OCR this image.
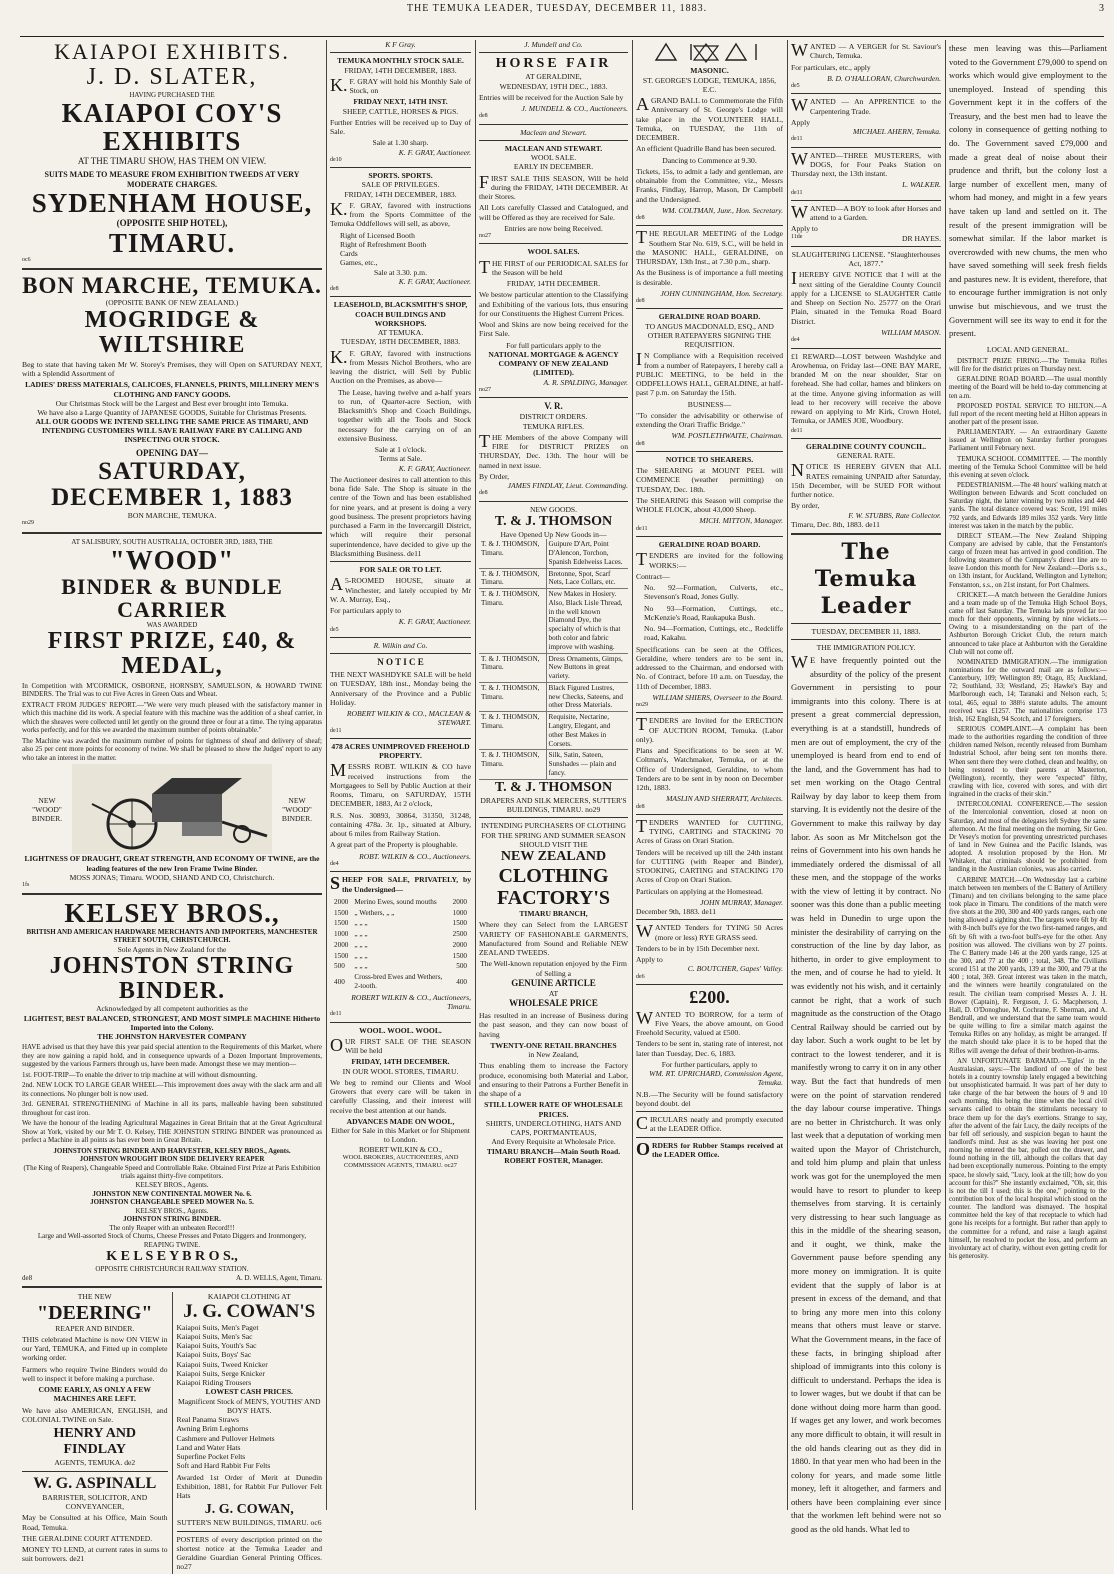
THE TEMUKA LEADER, TUESDAY, DECEMBER 11, 1883.	3
KAIAPOI EXHIBITS.
J. D. SLATER,
HAVING PURCHASED THE
KAIAPOI COY'S EXHIBITS
AT THE TIMARU SHOW, HAS THEM ON VIEW.
SUITS MADE TO MEASURE FROM EXHIBITION TWEEDS AT VERY MODERATE CHARGES.
SYDENHAM HOUSE,
(OPPOSITE SHIP HOTEL),
TIMARU.
oc6
BON MARCHE, TEMUKA.
(OPPOSITE BANK OF NEW ZEALAND.)
MOGRIDGE & WILTSHIRE
Beg to state that having taken Mr W. Storey's Premises, they will Open on SATURDAY NEXT, with a Splendid Assortment of
LADIES' DRESS MATERIALS, CALICOES, FLANNELS, PRINTS, MILLINERY MEN'S CLOTHING AND FANCY GOODS.
Our Christmas Stock will be the Largest and Best ever brought into Temuka.
We have also a Large Quantity of JAPANESE GOODS, Suitable for Christmas Presents.
ALL OUR GOODS WE INTEND SELLING THE SAME PRICE AS TIMARU, AND INTENDING CUSTOMERS WILL SAVE RAILWAY FARE BY CALLING AND INSPECTING OUR STOCK.
OPENING DAY—
SATURDAY, DECEMBER 1, 1883
BON MARCHE, TEMUKA.
no29
AT SALISBURY, SOUTH AUSTRALIA, OCTOBER 3RD, 1883, THE
"WOOD"
BINDER & BUNDLE CARRIER
WAS AWARDED
FIRST PRIZE, £40, & MEDAL,
In Competition with M'CORMICK, OSBORNE, HORNSBY, SAMUELSON, & HOWARD TWINE BINDERS. The Trial was to cut Five Acres in Green Oats and Wheat.
EXTRACT FROM JUDGES' REPORT.—"We were very much pleased with the satisfactory manner in which this machine did its work. A special feature with this machine was the addition of a sheaf carrier, in which the sheaves were collected until let gently on the ground three or four at a time. The tying apparatus works perfectly, and for this we awarded the maximum number of points obtainable."
The Machine was awarded the maximum number of points for tightness of sheaf and delivery of sheaf; also 25 per cent more points for economy of twine. We shall be pleased to show the Judges' report to any who take an interest in the matter.
NEW
"WOOD"
BINDER.
NEW
"WOOD"
BINDER.
LIGHTNESS OF DRAUGHT, GREAT STRENGTH, AND ECONOMY OF TWINE, are the leading features of the new Iron Frame Twine Binder.
MOSS JONAS; Timaru. WOOD, SHAND AND CO, Christchurch.
1fs
KELSEY BROS.,
BRITISH AND AMERICAN HARDWARE MERCHANTS AND IMPORTERS, MANCHESTER STREET SOUTH, CHRISTCHURCH.
Sole Agents in New Zealand for the
JOHNSTON STRING BINDER.
Acknowledged by all competent authorities as the
LIGHTEST, BEST BALANCED, STRONGEST, AND MOST SIMPLE MACHINE Hitherto Imported into the Colony.
THE JOHNSTON HARVESTER COMPANY
HAVE advised us that they have this year paid special attention to the Requirements of this Market, where they are now gaining a rapid hold, and in consequence upwards of a Dozen Important Improvements, suggested by the various Farmers through us, have been made. Amongst these we may mention—
1st. FOOT-TRIP—To enable the driver to trip machine at will without dismounting.
2nd. NEW LOCK TO LARGE GEAR WHEEL—This improvement does away with the slack arm and all its connections. No plunger bolt is now used.
3rd. GENERAL STRENGTHENING of Machine in all its parts, malleable having been substituted throughout for cast iron.
We have the honour of the leading Agricultural Magazines in Great Britain that at the Great Agricultural Show at York, visited by our Mr T. O. Kelsey, THE JOHNSTON STRING BINDER was pronounced as perfect a Machine in all points as has ever been in Great Britain.
JOHNSTON STRING BINDER AND HARVESTER, KELSEY BROS., Agents.
JOHNSTON WROUGHT IRON SIDE DELIVERY REAPER
(The King of Reapers), Changeable Speed and Controllable Rake. Obtained First Prize at Paris Exhibition trials against thirty-five competitors.
KELSEY BROS., Agents.
JOHNSTON NEW CONTINENTAL MOWER No. 6.
JOHNSTON CHANGEABLE SPEED MOWER No. 5.
KELSEY BROS., Agents.
JOHNSTON STRING BINDER.
The only Reaper with an unbeaten Record!!!
Large and Well-assorted Stock of Churns, Cheese Presses and Potato Diggers and Ironmongery, REAPING TWINE.
K E L S E Y B R O S.,
OPPOSITE CHRISTCHURCH RAILWAY STATION.
de8	A. D. WELLS, Agent, Timaru.
THE NEW
"DEERING"
REAPER AND BINDER.
THIS celebrated Machine is now ON VIEW in our Yard, TEMUKA, and Fitted up in complete working order.
Farmers who require Twine Binders would do well to inspect it before making a purchase.
COME EARLY, AS ONLY A FEW MACHINES ARE LEFT.
We have also AMERICAN, ENGLISH, and COLONIAL TWINE on Sale.
HENRY AND FINDLAY
AGENTS, TEMUKA. de2
W. G. ASPINALL
BARRISTER, SOLICITOR, AND CONVEYANCER,
May be Consulted at his Office, Main South Road, Temuka.
THE GERALDINE COURT ATTENDED.
MONEY TO LEND, at current rates in sums to suit borrowers. de21
KAIAPOI CLOTHING AT
J. G. COWAN'S
Kaiapoi Suits, Men's Paget
Kaiapoi Suits, Men's Sac
Kaiapoi Suits, Youth's Sac
Kaiapoi Suits, Boys' Sac
Kaiapoi Suits, Tweed Knicker
Kaiapoi Suits, Serge Knicker
Kaiapoi Riding Trousers
LOWEST CASH PRICES.
Magnificent Stock of MEN'S, YOUTHS' AND BOYS' HATS.
Real Panama Straws
Awning Brim Leghorns
Cashmere and Pullover Helmets
Land and Water Hats
Superfine Pocket Felts
Soft and Hard Rabbit Fur Felts
Awarded 1st Order of Merit at Dunedin Exhibition, 1881, for Rabbit Fur Pullover Felt Hats
J. G. COWAN,
SUTTER'S NEW BUILDINGS, TIMARU. oc6
POSTERS of every description printed on the shortest notice at the Temuka Leader and Geraldine Guardian General Printing Offices. no27
K F Gray.
TEMUKA MONTHLY STOCK SALE.
FRIDAY, 14TH DECEMBER, 1883.
K.F. GRAY will hold his Monthly Sale of Stock, on
FRIDAY NEXT, 14TH INST.
SHEEP, CATTLE, HORSES & PIGS.
Further Entries will be received up to Day of Sale.
Sale at 1.30 sharp.
K. F. GRAY, Auctioneer.
de10
SPORTS. SPORTS.
SALE OF PRIVILEGES.
FRIDAY, 14TH DECEMBER, 1883.
K.F. GRAY, favored with instructions from the Sports Committee of the Temuka Oddfellows will sell, as above,
Right of Licensed Booth
Right of Refreshment Booth
Cards
Games, etc.,
Sale at 3.30. p.m.
K. F. GRAY, Auctioneer.
de8
LEASEHOLD, BLACKSMITH'S SHOP, COACH BUILDINGS AND WORKSHOPS.
AT TEMUKA.
TUESDAY, 18TH DECEMBER, 1883.
K.F. GRAY, favored with instructions from Messrs Nichol Brothers, who are leaving the district, will Sell by Public Auction on the Premises, as above—
The Lease, having twelve and a-half years to run, of Quarter-acre Section, with Blacksmith's Shop and Coach Buildings, together with all the Tools and Stock necessary for the carrying on of an extensive Business.
Sale at 1 o'clock.
Terms at Sale.
K. F. GRAY, Auctioneer.
The Auctioneer desires to call attention to this bona fide Sale. The Shop is situate in the centre of the Town and has been established for nine years, and at present is doing a very good business. The present proprietors having purchased a Farm in the Invercargill District, which will require their personal superintendence, have decided to give up the Blacksmithing Business. de11
FOR SALE OR TO LET.
A5-ROOMED HOUSE, situate at Winchester, and lately occupied by Mr W. A. Murray, Esq.,
For particulars apply to
K. F. GRAY, Auctioneer.
de5
R. Wilkin and Co.
N O T I C E
THE NEXT WASHDYKE SALE will be held on TUESDAY, 18th inst., Monday being the Anniversary of the Province and a Public Holiday.
ROBERT WILKIN & CO., MACLEAN & STEWART.
de11
478 ACRES UNIMPROVED FREEHOLD PROPERTY.
MESSRS ROBT. WILKIN & CO have received instructions from the Mortgagees to Sell by Public Auction at their Rooms, Timaru, on SATURDAY, 15TH DECEMBER, 1883, At 2 o'clock,
R.S. Nos. 30893, 30864, 31350, 31248, containing 478a. 3r. 1p., situated at Albury, about 6 miles from Railway Station.
A great part of the Property is ploughable.
ROBT. WILKIN & CO., Auctioneers.
de4
SHEEP FOR SALE, PRIVATELY, by the Undersigned—
2000	Merino Ewes, sound mouths	2000
1500	„ Wethers, „ „	1000
1500	„ „ „	1500
1000	„ „ „	2500
2000	„ „ „	2000
1500	„ „ „	1500
500	„ „ „	500
400	Cross-bred Ewes and Wethers, 2-tooth.	400
ROBERT WILKIN & CO., Auctioneers, Timaru.
de11
WOOL. WOOL. WOOL.
OUR FIRST SALE OF THE SEASON Will be held
FRIDAY, 14TH DECEMBER.
IN OUR WOOL STORES, TIMARU.
We beg to remind our Clients and Wool Growers that every care will be taken in carefully Classing, and their interest will receive the best attention at our hands.
ADVANCES MADE ON WOOL,
Either for Sale in this Market or for Shipment to London.
ROBERT WILKIN & CO.,
WOOL BROKERS, AUCTIONEERS, AND COMMISSION AGENTS, TIMARU. oc27
J. Mundell and Co.
HORSE FAIR
AT GERALDINE,
WEDNESDAY, 19TH DEC., 1883.
Entries will be received for the Auction Sale by
J. MUNDELL & CO., Auctioneers.
de8
Maclean and Stewart.
MACLEAN AND STEWART.
WOOL SALE.
EARLY IN DECEMBER.
FIRST SALE THIS SEASON, Will be held during the FRIDAY, 14TH DECEMBER. At their Stores.
All Lots carefully Classed and Catalogued, and will be Offered as they are received for Sale.
Entries are now being Received.
no27
WOOL SALES.
THE FIRST of our PERIODICAL SALES for the Season will be held
FRIDAY, 14TH DECEMBER.
We bestow particular attention to the Classifying and Exhibiting of the various lots, thus ensuring for our Constituents the Highest Current Prices.
Wool and Skins are now being received for the First Sale.
For full particulars apply to the
NATIONAL MORTGAGE & AGENCY COMPANY OF NEW ZEALAND (LIMITED).
A. R. SPALDING, Manager.
no27
V. R.
DISTRICT ORDERS.
TEMUKA RIFLES.
THE Members of the above Company will FIRE for DISTRICT PRIZES on THURSDAY, Dec. 13th. The hour will be named in next issue.
By Order,
JAMES FINDLAY, Lieut. Commanding.
de8
NEW GOODS.
T. & J. THOMSON
Have Opened Up New Goods in—
T. & J. THOMSON, Timaru.	Guipure D'Art, Point D'Alencon, Torchon, Spanish Edelweiss Laces.
T. & J. THOMSON, Timaru.	Bretonne, Spot, Scarf Nets, Lace Collars, etc.
T. & J. THOMSON, Timaru.	New Makes in Hosiery. Also, Black Lisle Thread, in the well known Diamond Dye, the specialty of which is that both color and fabric improve with washing.
T. & J. THOMSON, Timaru.	Dress Ornaments, Gimps, New Buttons in great variety.
T. & J. THOMSON, Timaru.	Black Figured Lustres, new Checks, Sateens, and other Dress Materials.
T. & J. THOMSON, Timaru.	Requisite, Nectarine, Langtry, Elegant, and other Best Makes in Corsets.
T. & J. THOMSON, Timaru.	Silk, Satin, Sateen, Sunshades — plain and fancy.
T. & J. THOMSON
DRAPERS AND SILK MERCERS, SUTTER'S BUILDINGS, TIMARU. no29
INTENDING PURCHASERS OF CLOTHING FOR THE SPRING AND SUMMER SEASON SHOULD VISIT THE
NEW ZEALAND
CLOTHING
FACTORY'S
TIMARU BRANCH,
Where they can Select from the LARGEST VARIETY OF FASHIONABLE GARMENTS, Manufactured from Sound and Reliable NEW ZEALAND TWEEDS.
The Well-known reputation enjoyed by the Firm of Selling a
GENUINE ARTICLE
AT
WHOLESALE PRICE
Has resulted in an increase of Business during the past season, and they can now boast of having
TWENTY-ONE RETAIL BRANCHES
in New Zealand,
Thus enabling them to increase the Factory produce, economising both Material and Labor, and ensuring to their Patrons a Further Benefit in the shape of a
STILL LOWER RATE OF WHOLESALE PRICES.
SHIRTS, UNDERCLOTHING, HATS AND CAPS, PORTMANTEAUS,
And Every Requisite at Wholesale Price.
TIMARU BRANCH—Main South Road.
ROBERT FOSTER, Manager.
MASONIC.
ST. GEORGE'S LODGE, TEMUKA, 1856, E.C.
AGRAND BALL to Commemorate the Fifth Anniversary of St. George's Lodge will take place in the VOLUNTEER HALL, Temuka, on TUESDAY, the 11th of DECEMBER.
An efficient Quadrille Band has been secured.
Dancing to Commence at 9.30.
Tickets, 15s, to admit a lady and gentleman, are obtainable from the Committee, viz., Messrs Franks, Findlay, Harrop, Mason, Dr Campbell and the Undersigned.
WM. COLTMAN, Junr., Hon. Secretary.
de8
THE REGULAR MEETING of the Lodge Southern Star No. 619, S.C., will be held in the MASONIC HALL, GERALDINE, on THURSDAY, 13th Inst., at 7.30 p.m., sharp.
As the Business is of importance a full meeting is desirable.
JOHN CUNNINGHAM, Hon. Secretary.
de8
GERALDINE ROAD BOARD.
TO ANGUS MACDONALD, ESQ., AND OTHER RATEPAYERS SIGNING THE REQUISITION.
IN Compliance with a Requisition received from a number of Ratepayers, I hereby call a PUBLIC MEETING, to be held in the ODDFELLOWS HALL, GERALDINE, at half-past 7 p.m. on Saturday the 15th.
BUSINESS—
"To consider the advisability or otherwise of extending the Orari Traffic Bridge."
WM. POSTLETHWAITE, Chairman.
de8
NOTICE TO SHEARERS.
The SHEARING at MOUNT PEEL will COMMENCE (weather permitting) on TUESDAY, Dec. 18th.
The SHEARING this Season will comprise the WHOLE FLOCK, about 43,000 Sheep.
MICH. MITTON, Manager.
de11
GERALDINE ROAD BOARD.
TENDERS are invited for the following WORKS:—
Contract—
No. 92—Formation, Culverts, etc., Stevenson's Road, Jones Gully.
No 93—Formation, Cuttings, etc., McKenzie's Road, Raukapuka Bush.
No. 94—Formation, Cuttings, etc., Redcliffe road, Kakahu.
Specifications can be seen at the Offices, Geraldine, where tenders are to be sent in, addressed to the Chairman, and endorsed with No. of Contract, before 10 a.m. on Tuesday, the 11th of December, 1883.
WILLIAM SHIERS, Overseer to the Board.
no29
TENDERS are Invited for the ERECTION OF AUCTION ROOM, Temuka. (Labor only).
Plans and Specifications to be seen at W. Coltman's, Watchmaker, Temuka, or at the Office of Undersigned, Geraldine, to whom Tenders are to be sent in by noon on December 12th, 1883.
MASLIN AND SHERRATT, Architects.
de8
TENDERS WANTED for CUTTING, TYING, CARTING and STACKING 70 Acres of Grass on Orari Station.
Tenders will be received up till the 24th instant for CUTTING (with Reaper and Binder), STOOKING, CARTING and STACKING 170 Acres of Crop on Orari Station.
Particulars on applying at the Homestead.
JOHN MURRAY, Manager.
December 9th, 1883. de11
WANTED Tenders for TYING 50 Acres (more or less) RYE GRASS seed.
Tenders to be in by 15th December next.
Apply to
C. BOUTCHER, Gapes' Valley.
de6
£200.
WANTED TO BORROW, for a term of Five Years, the above amount, on Good Freehold Security, valued at £500.
Tenders to be sent in, stating rate of interest, not later than Tuesday, Dec. 6, 1883.
For further particulars, apply to
WM. RT. UPRICHARD, Commission Agent, Temuka.
N.B.—The Security will be found satisfactory beyond doubt. del
CIRCULARS neatly and promptly executed at the LEADER Office.
ORDERS for Rubber Stamps received at the LEADER Office.
WANTED — A VERGER for St. Saviour's Church, Temuka.
For particulars, etc., apply
B. D. O'HALLORAN, Churchwarden.
de5
WANTED — An APPRENTICE to the Carpentering Trade.
Apply
MICHAEL AHERN, Temuka.
de11
WANTED—THREE MUSTERERS, with DOGS, for Four Peaks Station on Thursday next, the 13th instant.
L. WALKER.
de11
WANTED—A BOY to look after Horses and attend to a Garden.
Apply to
11de	DR HAYES.
SLAUGHTERING LICENSE. "Slaughterhouses Act, 1877."
IHEREBY GIVE NOTICE that I will at the next sitting of the Geraldine County Council apply for a LICENSE to SLAUGHTER Cattle and Sheep on Section No. 25777 on the Orari Plain, situated in the Temuka Road Board District.
WILLIAM MASON.
de4
£1 REWARD—LOST between Washdyke and Arowhenua, on Friday last—ONE BAY MARE, branded M on the near shoulder, Star on forehead. She had collar, hames and blinkers on at the time. Anyone giving information as will lead to her recovery will receive the above reward on applying to Mr Kirk, Crown Hotel, Temuka, or JAMES JOE, Woodbury.
de11
GERALDINE COUNTY COUNCIL.
GENERAL RATE.
NOTICE IS HEREBY GIVEN that ALL RATES remaining UNPAID after Saturday, 15th December, will be SUED FOR without further notice.
By order,
F. W. STUBBS, Rate Collector.
Timaru, Dec. 8th, 1883. de11
The Temuka Leader
TUESDAY, DECEMBER 11, 1883.
THE IMMIGRATION POLICY.
WE have frequently pointed out the absurdity of the policy of the present Government in persisting to pour immigrants into this colony. There is at present a great commercial depression, everything is at a standstill, hundreds of men are out of employment, the cry of the unemployed is heard from end to end of the land, and the Government has had to set men working on the Otago Central Railway by day labor to keep them from starving. It is evidently not the desire of the Government to make this railway by day labor. As soon as Mr Mitchelson got the reins of Government into his own hands he immediately ordered the dismissal of all these men, and the stoppage of the works with the view of letting it by contract. No sooner was this done than a public meeting was held in Dunedin to urge upon the minister the desirability of carrying on the construction of the line by day labor, as hitherto, in order to give employment to the men, and of course he had to yield. It was evidently not his wish, and it certainly cannot be right, that a work of such magnitude as the construction of the Otago Central Railway should be carried out by day labor. Such a work ought to be let by contract to the lowest tenderer, and it is manifestly wrong to carry it on in any other way. But the fact that hundreds of men were on the point of starvation rendered the day labour course imperative. Things are no better in Christchurch. It was only last week that a deputation of working men waited upon the Mayor of Christchurch, and told him plump and plain that unless work was got for the unemployed the men would have to resort to plunder to keep themselves from starving. It is certainly very distressing to hear such language as this in the middle of the shearing season, and it ought, we think, make the Government pause before spending any more money on immigration. It is quite evident that the supply of labor is at present in excess of the demand, and that to bring any more men into this colony means that others must leave or starve. What the Government means, in the face of these facts, in bringing shipload after shipload of immigrants into this colony is difficult to understand. Perhaps the idea is to lower wages, but we doubt if that can be done without doing more harm than good. If wages get any lower, and work becomes any more difficult to obtain, it will result in the old hands clearing out as they did in 1880. In that year men who had been in the colony for years, and made some little money, left it altogether, and farmers and others have been complaining ever since that the workmen left behind were not so good as the old hands. What led to
these men leaving was this—Parliament voted to the Government £79,000 to spend on works which would give employment to the unemployed. Instead of spending this Government kept it in the coffers of the Treasury, and the best men had to leave the colony in consequence of getting nothing to do. The Government saved £79,000 and made a great deal of noise about their prudence and thrift, but the colony lost a large number of excellent men, many of whom had money, and might in a few years have taken up land and settled on it. The result of the present immigration will be somewhat similar. If the labor market is overcrowded with new chums, the men who have saved something will seek fresh fields and pastures new. It is evident, therefore, that to encourage further immigration is not only unwise but mischievous, and we trust the Government will see its way to end it for the present.
LOCAL AND GENERAL.
DISTRICT PRIZE FIRING.—The Temuka Rifles will fire for the district prizes on Thursday next.
GERALDINE ROAD BOARD.—The usual monthly meeting of the Board will be held to-day commencing at ten a.m.
PROPOSED POSTAL SERVICE TO HILTON.—A full report of the recent meeting held at Hilton appears in another part of the present issue.
PARLIAMENTARY. — An extraordinary Gazette issued at Wellington on Saturday further prorogues Parliament until February next.
TEMUKA SCHOOL COMMITTEE. — The monthly meeting of the Temuka School Committee will be held this evening at seven o'clock.
PEDESTRIANISM.—The 48 hours' walking match at Wellington between Edwards and Scott concluded on Saturday night, the latter winning by two miles and 440 yards. The total distance covered was: Scott, 191 miles 792 yards, and Edwards 189 miles 352 yards. Very little interest was taken in the match by the public.
DIRECT STEAM.—The New Zealand Shipping Company are advised by cable, that the Fenstanton's cargo of frozen meat has arrived in good condition. The following steamers of the Company's direct line are to leave London this month for New Zealand:—Doris s.s., on 13th instant, for Auckland, Wellington and Lyttelton; Fenstanton, s.s., on 21st instant, for Port Chalmers.
CRICKET.—A match between the Geraldine Juniors and a team made up of the Temuka High School Boys, came off last Saturday. The Temuka lads proved far too much for their opponents, winning by nine wickets.—Owing to a misunderstanding on the part of the Ashburton Borough Cricket Club, the return match announced to take place at Ashburton with the Geraldine Club will not come off.
NOMINATED IMMIGRATION.—The immigration nominations for the outward mail are as follows:—Canterbury, 109; Wellington 89; Otago, 85; Auckland, 72; Southland, 33; Westland, 25; Hawke's Bay and Marlborough each, 14; Taranaki and Nelson each, 5; total, 465, equal to 388½ statute adults. The amount received was £1257. The nationalities comprise 173 Irish, 162 English, 94 Scotch, and 17 foreigners.
SERIOUS COMPLAINT.—A complaint has been made to the authorities regarding the condition of three children named Nelson, recently released from Burnham Industrial School, after being sent ten months there. When sent there they were clothed, clean and healthy, on being restored to their parents at Masterton, (Wellington), recently, they were "expected" filthy, crawling with lice, covered with sores, and with dirt ingrained in the cracks of their skin."
INTERCOLONIAL CONFERENCE.—The session of the Intercolonial convention, closed at noon on Saturday, and most of the delegates left Sydney the same afternoon. At the final meeting on the morning, Sir Geo. Dr Vesey's motion for preventing unrestricted purchases of land in New Guinea and the Pacific Islands, was adopted. A resolution proposed by the Hon. Mr Whitaker, that criminals should be prohibited from landing in the Australian colonies, was also carried.
CARBINE MATCH.—On Wednesday last a carbine match between ten members of the C Battery of Artillery (Timaru) and ten civilians belonging to the same place took place in Timaru. The conditions of the match were five shots at the 200, 300 and 400 yards ranges, each one being allowed a sighting shot. The targets were 6ft by 4ft with 8-inch bull's eye for the two first-named ranges, and 6ft by 6ft with a two-foot bull's-eye for the other. Any position was allowed. The civilians won by 27 points. The C Battery made 146 at the 200 yards range, 125 at the 300, and 77 at the 400 ; total, 348. The Civilians scored 151 at the 200 yards, 139 at the 300, and 79 at the 400 ; total, 369. Great interest was taken in the match, and the winners were heartily congratulated on the result. The civilian team comprised Messrs A. J. H. Bower (Captain), R. Ferguson, J. G. Macpherson, J. Hall, D. O'Donoghue, M. Cochrane, F. Sherman, and A. Bendrall, and we understand that the same team would be quite willing to fire a similar match against the Temuka Rifles on any holiday, as might be arranged. If the match should take place it is to be hoped that the Rifles will avenge the defeat of their brethren-in-arms.
AN UNFORTUNATE BARMAID.—'Egles' in the Australasian, says:—The landlord of one of the best hotels in a country township lately engaged a bewitching but unsophisticated barmaid. It was part of her duty to take charge of the bar between the hours of 9 and 10 each morning, this being the time when the local civil servants called to obtain the stimulants necessary to brace them up for the day's exertions. Strange to say, after the advent of the fair Lucy, the daily receipts of the bar fell off seriously, and suspicion began to haunt the landlord's mind. Just as she was leaving her post one morning he entered the bar, pulled out the drawer, and found nothing in the till, although the collars that day had been exceptionally numerous. Pointing to the empty space, he slowly said, "Lucy, look at the till; how do you account for this?" She instantly exclaimed, "Oh, sir, this is not the till I used; this is the one," pointing to the contribution box of the local hospital which stood on the counter. The landlord was dismayed. The hospital committee held the key of that receptacle to which had gone his receipts for a fortnight. But rather than apply to the committee for a refund, and raise a laugh against himself, he resolved to pocket the loss, and perform an involuntary act of charity, without even getting credit for his generosity.
